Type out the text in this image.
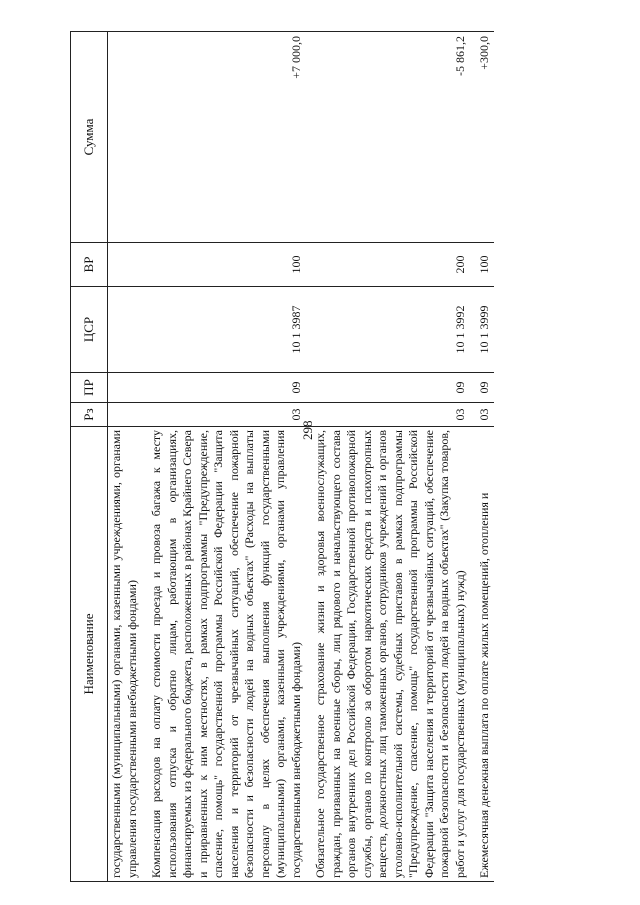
298
Наименование	Рз	ПР	ЦСР	ВР	Сумма
государственными (муниципальными) органами, казенными учреждениями, органами управления государственными внебюджетными фондами)					
Компенсация расходов на оплату стоимости проезда и провоза багажа к месту использования отпуска и обратно лицам, работающим в организациях, финансируемых из федерального бюджета, расположенных в районах Крайнего Севера и приравненных к ним местностях, в рамках подпрограммы "Предупреждение, спасение, помощь" государственной программы Российской Федерации "Защита населения и территорий от чрезвычайных ситуаций, обеспечение пожарной безопасности и безопасности людей на водных объектах" (Расходы на выплаты персоналу в целях обеспечения выполнения функций государственными (муниципальными) органами, казенными учреждениями, органами управления государственными внебюджетными фондами)	03	09	10 1 3987	100	+7 000,0
Обязательное государственное страхование жизни и здоровья военнослужащих, граждан, призванных на военные сборы, лиц рядового и начальствующего состава органов внутренних дел Российской Федерации, Государственной противопожарной службы, органов по контролю за оборотом наркотических средств и психотропных веществ, должностных лиц таможенных органов, сотрудников учреждений и органов уголовно-исполнительной системы, судебных приставов в рамках подпрограммы "Предупреждение, спасение, помощь" государственной программы Российской Федерации "Защита населения и территорий от чрезвычайных ситуаций, обеспечение пожарной безопасности и безопасности людей на водных объектах" (Закупка товаров, работ и услуг для государственных (муниципальных) нужд)	03	09	10 1 3992	200	-5 861,2
Ежемесячная денежная выплата по оплате жилых помещений, отопления и	03	09	10 1 3999	100	+300,0
